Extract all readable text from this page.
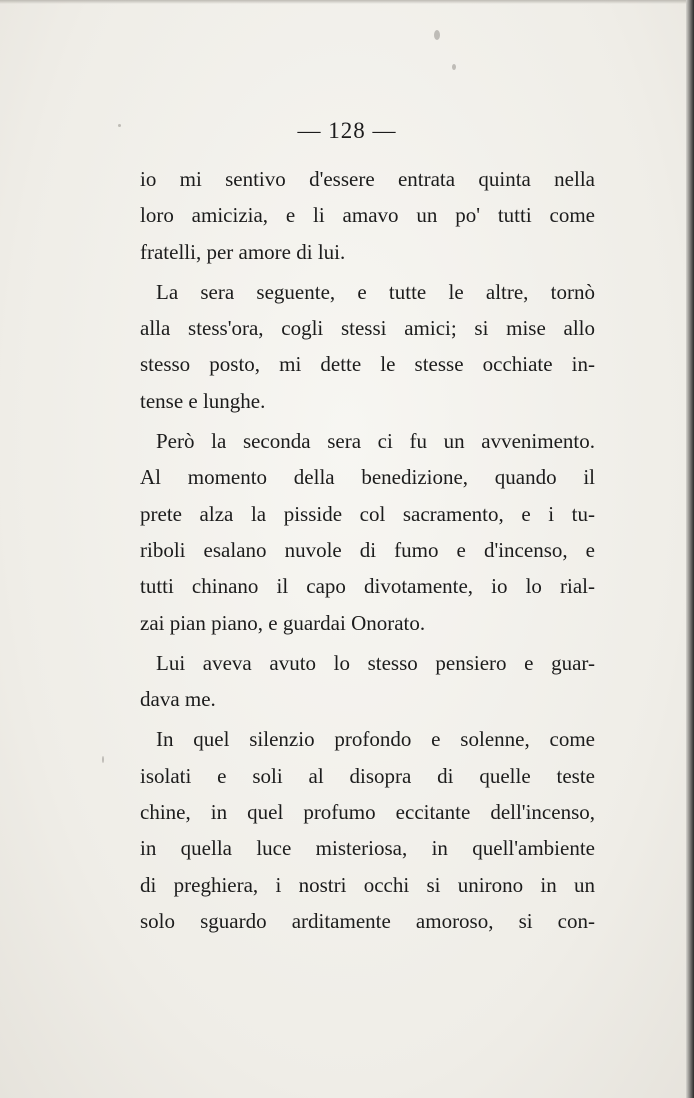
— 128 —
io mi sentivo d'essere entrata quinta nella
loro amicizia, e li amavo un po' tutti come
fratelli, per amore di lui.
La sera seguente, e tutte le altre, tornò
alla stess'ora, cogli stessi amici; si mise allo
stesso posto, mi dette le stesse occhiate in-
tense e lunghe.
Però la seconda sera ci fu un avvenimento.
Al momento della benedizione, quando il
prete alza la pisside col sacramento, e i tu-
riboli esalano nuvole di fumo e d'incenso, e
tutti chinano il capo divotamente, io lo rial-
zai pian piano, e guardai Onorato.
Lui aveva avuto lo stesso pensiero e guar-
dava me.
In quel silenzio profondo e solenne, come
isolati e soli al disopra di quelle teste
chine, in quel profumo eccitante dell'incenso,
in quella luce misteriosa, in quell'ambiente
di preghiera, i nostri occhi si unirono in un
solo sguardo arditamente amoroso, si con-
